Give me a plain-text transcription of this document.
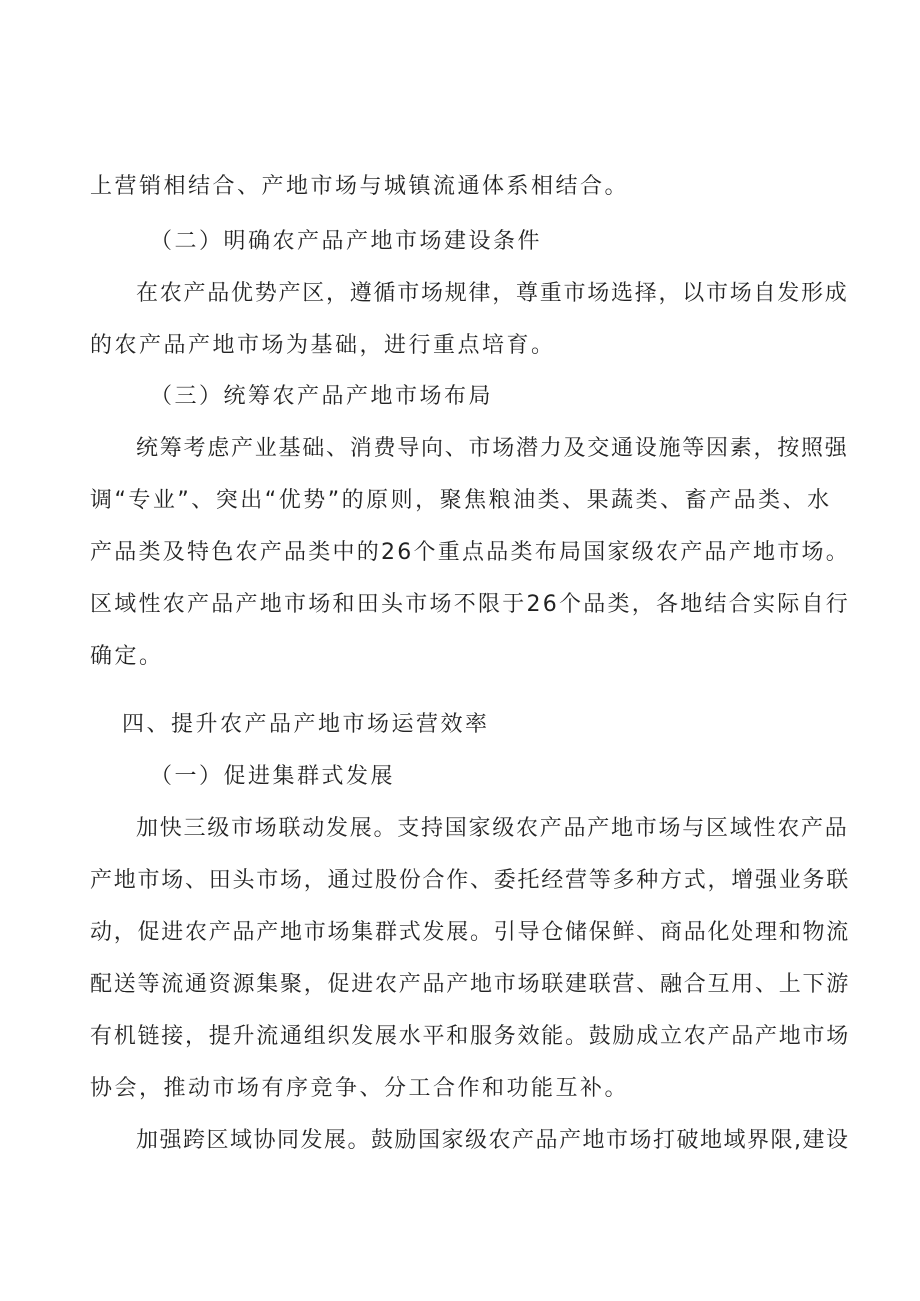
上营销相结合、产地市场与城镇流通体系相结合。
（二）明确农产品产地市场建设条件
在农产品优势产区，遵循市场规律，尊重市场选择，以市场自发形成
的农产品产地市场为基础，进行重点培育。
（三）统筹农产品产地市场布局
统筹考虑产业基础、消费导向、市场潜力及交通设施等因素，按照强
调“专业”、突出“优势”的原则，聚焦粮油类、果蔬类、畜产品类、水
产品类及特色农产品类中的26个重点品类布局国家级农产品产地市场。
区域性农产品产地市场和田头市场不限于26个品类，各地结合实际自行
确定。
四、提升农产品产地市场运营效率
（一）促进集群式发展
加快三级市场联动发展。支持国家级农产品产地市场与区域性农产品
产地市场、田头市场，通过股份合作、委托经营等多种方式，增强业务联
动，促进农产品产地市场集群式发展。引导仓储保鲜、商品化处理和物流
配送等流通资源集聚，促进农产品产地市场联建联营、融合互用、上下游
有机链接，提升流通组织发展水平和服务效能。鼓励成立农产品产地市场
协会，推动市场有序竞争、分工合作和功能互补。
加强跨区域协同发展。鼓励国家级农产品产地市场打破地域界限,建设
